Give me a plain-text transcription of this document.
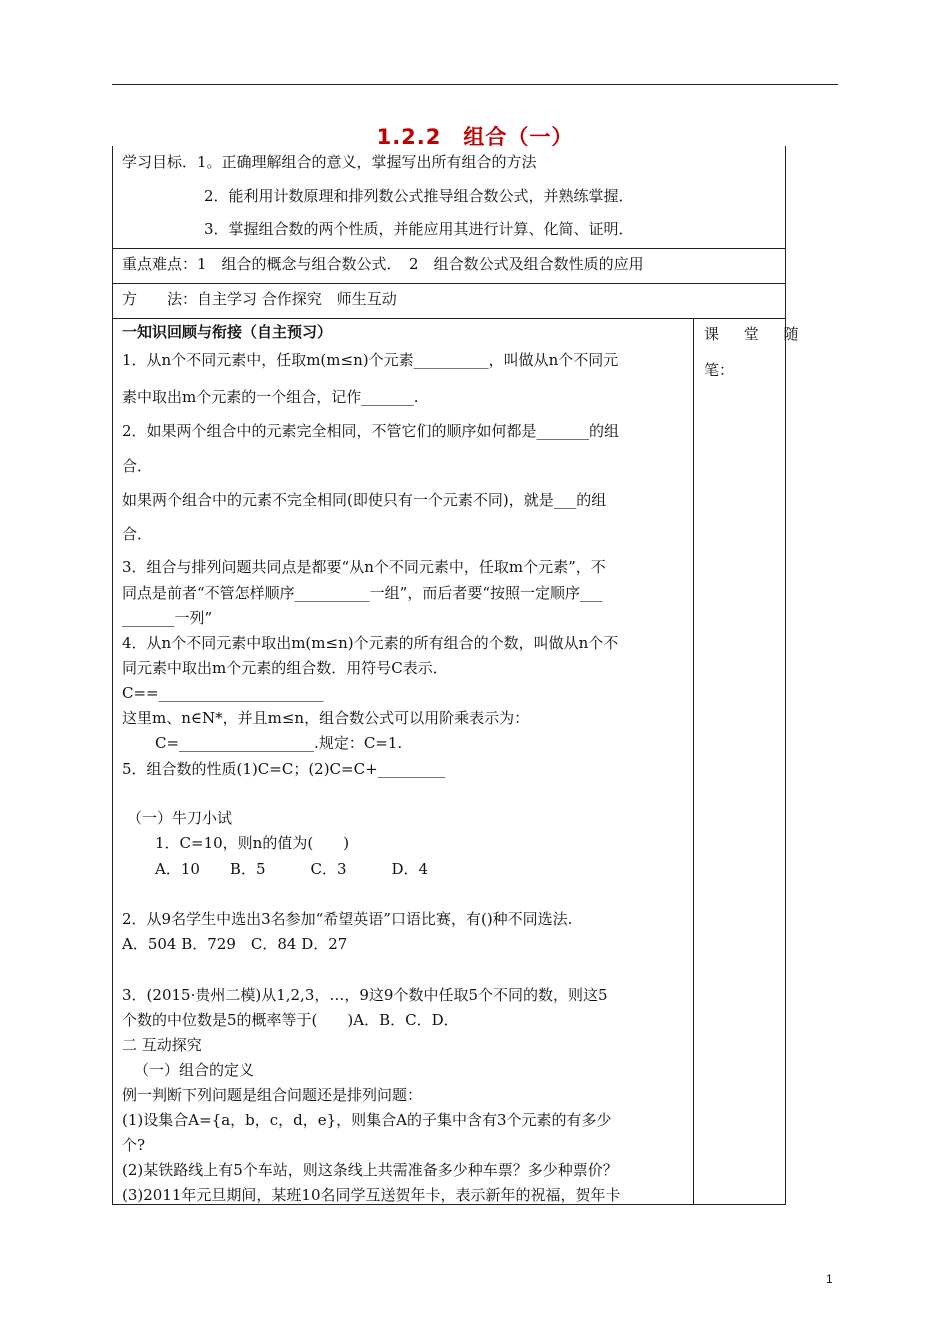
1.2.2　组合（一）
学习目标．1。正确理解组合的意义，掌握写出所有组合的方法
2．能利用计数原理和排列数公式推导组合数公式，并熟练掌握．
3．掌握组合数的两个性质，并能应用其进行计算、化简、证明．
重点难点：1　组合的概念与组合数公式．　2　组合数公式及组合数性质的应用
方　　法：自主学习 合作探究　师生互动
课 堂 随
笔：
一知识回顾与衔接（自主预习）
1．从n个不同元素中，任取m(m≤n)个元素__________，叫做从n个不同元
素中取出m个元素的一个组合，记作_______.
2．如果两个组合中的元素完全相同，不管它们的顺序如何都是_______的组
合．
如果两个组合中的元素不完全相同(即使只有一个元素不同)，就是___的组
合．
3．组合与排列问题共同点是都要“从n个不同元素中，任取m个元素”，不
同点是前者“不管怎样顺序__________一组”，而后者要“按照一定顺序___
_______一列”
4．从n个不同元素中取出m(m≤n)个元素的所有组合的个数，叫做从n个不
同元素中取出m个元素的组合数．用符号C表示．
C==______________________
这里m、n∈N*，并且m≤n，组合数公式可以用阶乘表示为：
C=__________________.规定：C=1.
5．组合数的性质(1)C=C；(2)C=C+_________
（一）牛刀小试
1．C=10，则n的值为(　　)
A．10　　B．5　　　C．3　　　D．4
2．从9名学生中选出3名参加“希望英语”口语比赛，有()种不同选法.
A．504 B．729　C．84 D．27
3．(2015·贵州二模)从1,2,3，…，9这9个数中任取5个不同的数，则这5
个数的中位数是5的概率等于(　　)A．B．C．D．
二 互动探究
（一）组合的定义
例一判断下列问题是组合问题还是排列问题：
(1)设集合A={a，b，c，d，e}，则集合A的子集中含有3个元素的有多少
个?
(2)某铁路线上有5个车站，则这条线上共需准备多少种车票？多少种票价？
(3)2011年元旦期间，某班10名同学互送贺年卡，表示新年的祝福，贺年卡
1
